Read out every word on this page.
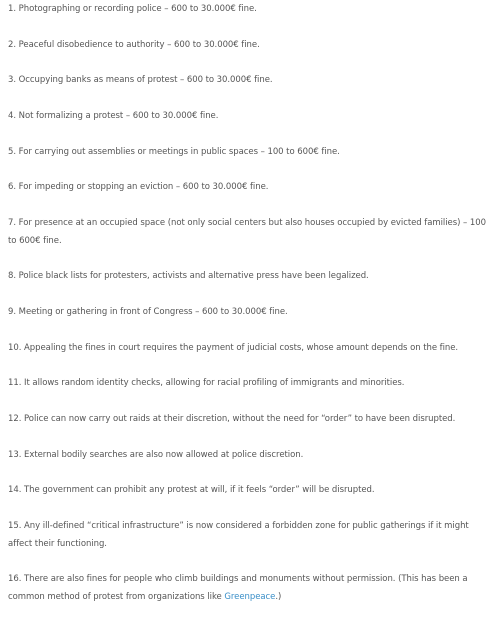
1. Photographing or recording police – 600 to 30.000€ fine.

2. Peaceful disobedience to authority – 600 to 30.000€ fine.

3. Occupying banks as means of protest – 600 to 30.000€ fine.

4. Not formalizing a protest – 600 to 30.000€ fine.

5. For carrying out assemblies or meetings in public spaces – 100 to 600€ fine.

6. For impeding or stopping an eviction – 600 to 30.000€ fine.

7. For presence at an occupied space (not only social centers but also houses occupied by evicted families) – 100 to 600€ fine.

8. Police black lists for protesters, activists and alternative press have been legalized.

9. Meeting or gathering in front of Congress – 600 to 30.000€ fine.

10. Appealing the fines in court requires the payment of judicial costs, whose amount depends on the fine.

11. It allows random identity checks, allowing for racial profiling of immigrants and minorities.

12. Police can now carry out raids at their discretion, without the need for “order” to have been disrupted.

13. External bodily searches are also now allowed at police discretion.

14. The government can prohibit any protest at will, if it feels “order” will be disrupted.

15. Any ill-defined “critical infrastructure” is now considered a forbidden zone for public gatherings if it might affect their functioning.

16. There are also fines for people who climb buildings and monuments without permission. (This has been a common method of protest from organizations like Greenpeace.)
